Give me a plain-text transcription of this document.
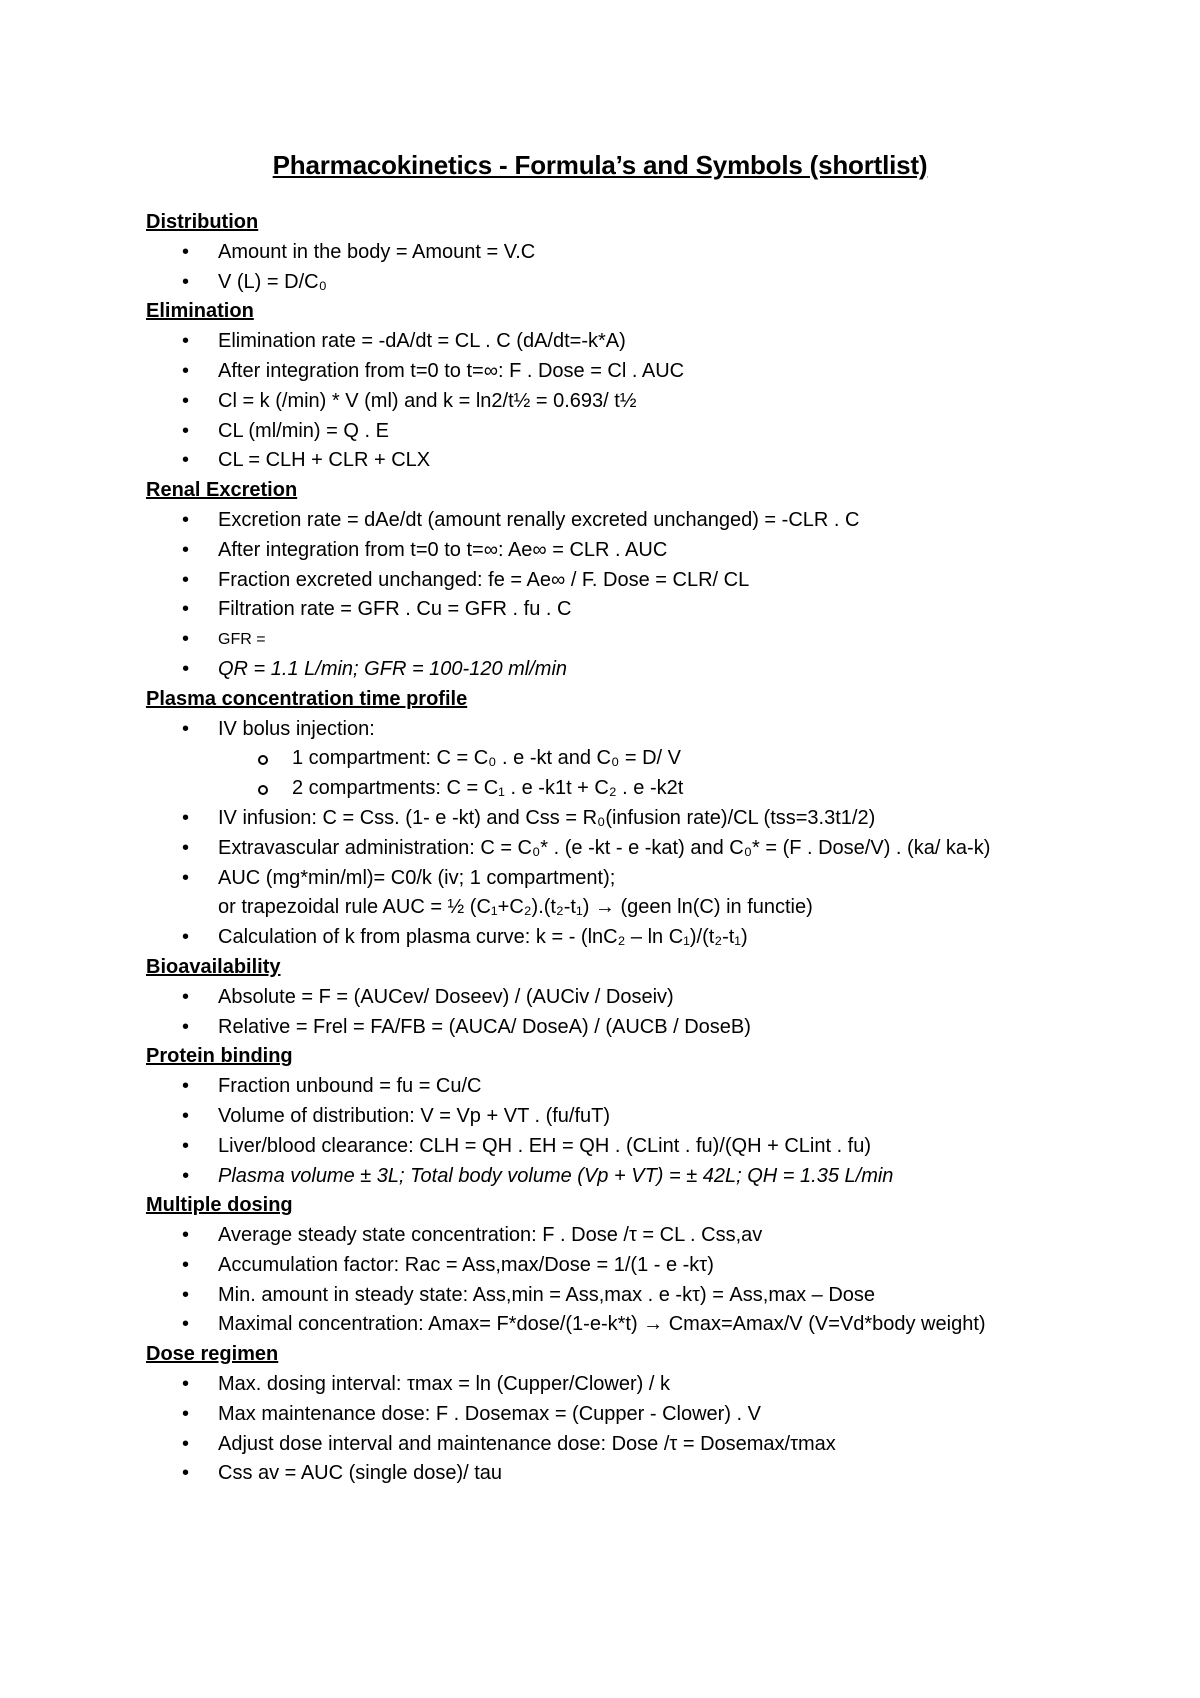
Pharmacokinetics - Formula’s and Symbols (shortlist)
Distribution
• Amount in the body = Amount = V.C
• V (L) = D/C₀
Elimination
• Elimination rate = -dA/dt = CL . C (dA/dt=-k*A)
• After integration from t=0 to t=∞: F . Dose = Cl . AUC
• Cl = k (/min) * V (ml) and k = ln2/t½ = 0.693/ t½
• CL (ml/min) = Q . E
• CL = CLH + CLR + CLX
Renal Excretion
• Excretion rate = dAe/dt (amount renally excreted unchanged) = -CLR . C
• After integration from t=0 to t=∞: Ae∞ = CLR . AUC
• Fraction excreted unchanged: fe = Ae∞ / F. Dose = CLR/ CL
• Filtration rate = GFR . Cu = GFR . fu . C
• GFR =
• QR = 1.1 L/min; GFR = 100-120 ml/min
Plasma concentration time profile
• IV bolus injection:
1 compartment: C = C₀ . e -kt and C₀ = D/ V
2 compartments: C = C₁ . e -k1t + C₂ . e -k2t
• IV infusion: C = Css. (1- e -kt) and Css = R₀(infusion rate)/CL (tss=3.3t1/2)
• Extravascular administration: C = C₀* . (e -kt - e -kat) and C₀* = (F . Dose/V) . (ka/ ka-k)
• AUC (mg*min/ml)= C0/k (iv; 1 compartment);
or trapezoidal rule AUC = ½ (C₁+C₂).(t₂-t₁) → (geen ln(C) in functie)
• Calculation of k from plasma curve: k = - (lnC₂ – ln C₁)/(t₂-t₁)
Bioavailability
• Absolute = F = (AUCev/ Doseev) / (AUCiv / Doseiv)
• Relative = Frel = FA/FB = (AUCA/ DoseA) / (AUCB / DoseB)
Protein binding
• Fraction unbound = fu = Cu/C
• Volume of distribution: V = Vp + VT . (fu/fuT)
• Liver/blood clearance: CLH = QH . EH = QH . (CLint . fu)/(QH + CLint . fu)
• Plasma volume ± 3L; Total body volume (Vp + VT) = ± 42L; QH = 1.35 L/min
Multiple dosing
• Average steady state concentration: F . Dose /τ = CL . Css,av
• Accumulation factor: Rac = Ass,max/Dose = 1/(1 - e -kτ)
• Min. amount in steady state: Ass,min = Ass,max . e -kτ) = Ass,max – Dose
• Maximal concentration: Amax= F*dose/(1-e-k*t) → Cmax=Amax/V (V=Vd*body weight)
Dose regimen
• Max. dosing interval: τmax = ln (Cupper/Clower) / k
• Max maintenance dose: F . Dosemax = (Cupper - Clower) . V
• Adjust dose interval and maintenance dose: Dose /τ = Dosemax/τmax
• Css av = AUC (single dose)/ tau
